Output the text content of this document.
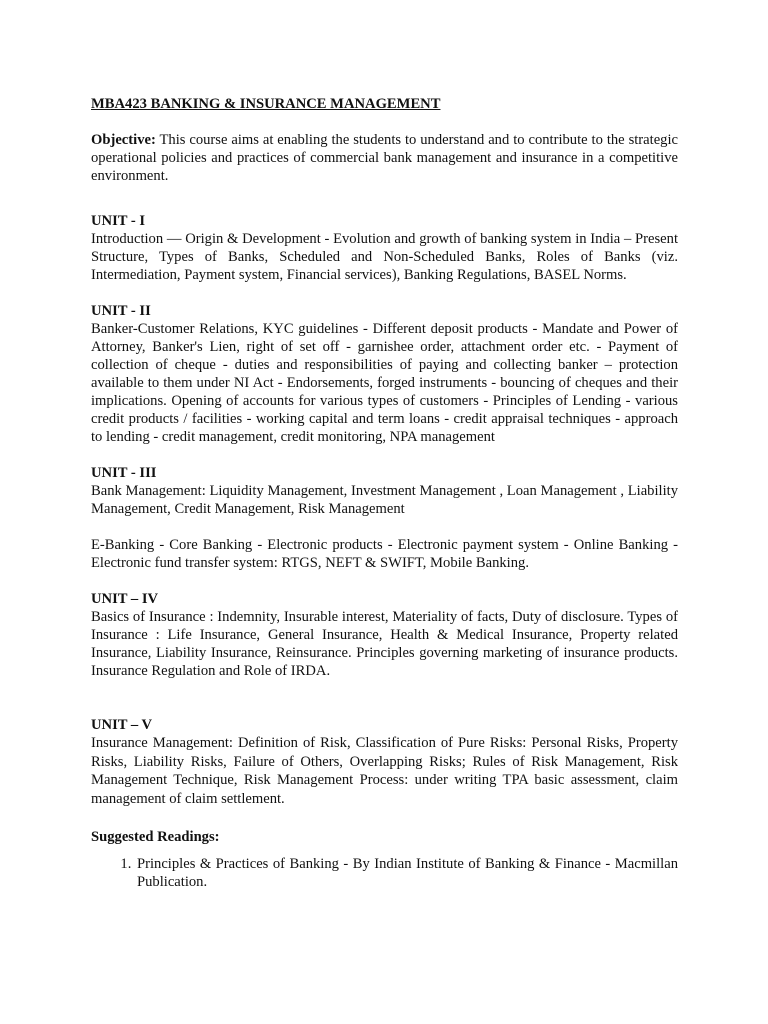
MBA423 BANKING & INSURANCE MANAGEMENT

Objective: This course aims at enabling the students to understand and to contribute to the strategic operational policies and practices of commercial bank management and insurance in a competitive environment.

UNIT - I

Introduction — Origin & Development - Evolution and growth of banking system in India – Present Structure, Types of Banks, Scheduled and Non-Scheduled Banks, Roles of Banks (viz. Intermediation, Payment system, Financial services), Banking Regulations, BASEL Norms.

UNIT - II

Banker-Customer Relations, KYC guidelines - Different deposit products - Mandate and Power of Attorney, Banker's Lien, right of set off - garnishee order, attachment order etc. - Payment of collection of cheque - duties and responsibilities of paying and collecting banker – protection available to them under NI Act - Endorsements, forged instruments - bouncing of cheques and their implications. Opening of accounts for various types of customers - Principles of Lending - various credit products / facilities - working capital and term loans - credit appraisal techniques - approach to lending - credit management, credit monitoring, NPA management

UNIT - III

Bank Management: Liquidity Management, Investment Management , Loan Management , Liability Management, Credit Management, Risk Management

E-Banking - Core Banking - Electronic products - Electronic payment system - Online Banking - Electronic fund transfer system: RTGS, NEFT & SWIFT, Mobile Banking.

UNIT – IV

Basics of Insurance : Indemnity, Insurable interest, Materiality of facts, Duty of disclosure. Types of Insurance : Life Insurance, General Insurance, Health & Medical Insurance, Property related Insurance, Liability Insurance, Reinsurance. Principles governing marketing of insurance products. Insurance Regulation and Role of IRDA.

UNIT – V

Insurance Management: Definition of Risk, Classification of Pure Risks: Personal Risks, Property Risks, Liability Risks, Failure of Others, Overlapping Risks; Rules of Risk Management, Risk Management Technique, Risk Management Process: under writing TPA basic assessment, claim management of claim settlement.

Suggested Readings:
1. Principles & Practices of Banking - By Indian Institute of Banking & Finance - Macmillan Publication.
